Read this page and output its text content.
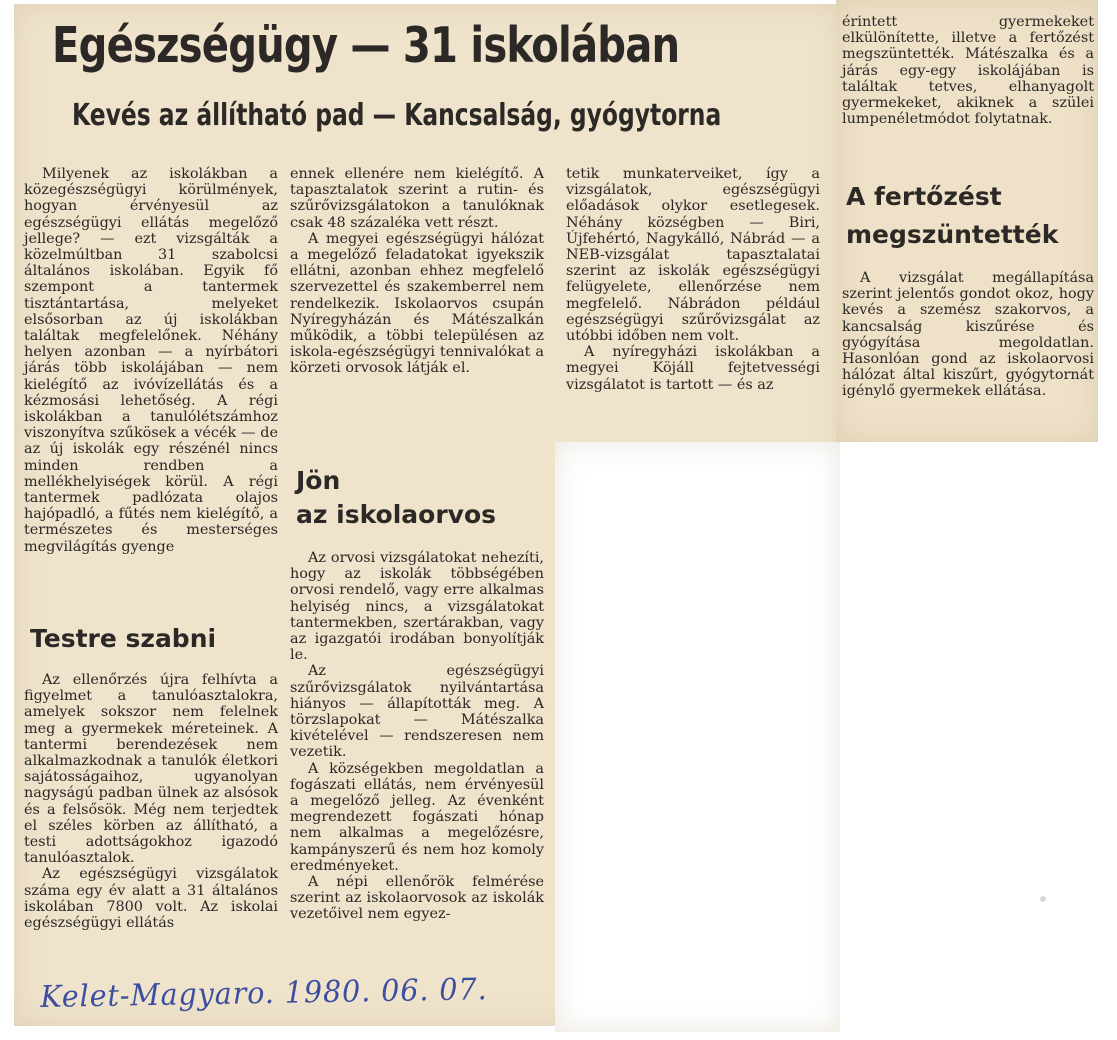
Egészségügy — 31 iskolában
Kevés az állítható pad — Kancsalság, gyógytorna

Milyenek az iskolákban a közegészségügyi körülmények, hogyan érvényesül az egészségügyi ellátás megelőző jellege? — ezt vizsgálták a közelmúltban 31 szabolcsi általános iskolában. Egyik fő szempont a tantermek tisztántartása, melyeket elsősorban az új iskolákban találtak megfelelőnek. Néhány helyen azonban — a nyírbátori járás több iskolájában — nem kielégítő az ivóvízellátás és a kézmosási lehetőség. A régi iskolákban a tanulólétszámhoz viszonyítva szűkösek a vécék — de az új iskolák egy részénél nincs minden rendben a mellékhelyiségek körül. A régi tantermek padlózata olajos hajópadló, a fűtés nem kielégítő, a természetes és mesterséges megvilágítás gyenge

Testre szabni

Az ellenőrzés újra felhívta a figyelmet a tanulóasztalokra, amelyek sokszor nem felelnek meg a gyermekek méreteinek. A tantermi berendezések nem alkalmazkodnak a tanulók életkori sajátosságaihoz, ugyanolyan nagyságú padban ülnek az alsósok és a felsősök. Még nem terjedtek el széles körben az állítható, a testi adottságokhoz igazodó tanulóasztalok.

Az egészségügyi vizsgálatok száma egy év alatt a 31 általános iskolában 7800 volt. Az iskolai egészségügyi ellátás

ennek ellenére nem kielégítő. A tapasztalatok szerint a rutin- és szűrővizsgálatokon a tanulóknak csak 48 százaléka vett részt.

A megyei egészségügyi hálózat a megelőző feladatokat igyekszik ellátni, azonban ehhez megfelelő szervezettel és szakemberrel nem rendelkezik. Iskolaorvos csupán Nyíregyházán és Mátészalkán működik, a többi településen az iskola-egészségügyi tennivalókat a körzeti orvosok látják el.

Jön
az iskolaorvos

Az orvosi vizsgálatokat nehezíti, hogy az iskolák többségében orvosi rendelő, vagy erre alkalmas helyiség nincs, a vizsgálatokat tantermekben, szertárakban, vagy az igazgatói irodában bonyolítják le.

Az egészségügyi szűrővizsgálatok nyilvántartása hiányos — állapították meg. A törzslapokat — Mátészalka kivételével — rendszeresen nem vezetik.

A községekben megoldatlan a fogászati ellátás, nem érvényesül a megelőző jelleg. Az évenként megrendezett fogászati hónap nem alkalmas a megelőzésre, kampányszerű és nem hoz komoly eredményeket.

A népi ellenőrök felmérése szerint az iskolaorvosok az iskolák vezetőivel nem egyez-

tetik munkaterveiket, így a vizsgálatok, egészségügyi előadások olykor esetlegesek. Néhány községben — Biri, Újfehértó, Nagykálló, Nábrád — a NEB-vizsgálat tapasztalatai szerint az iskolák egészségügyi felügyelete, ellenőrzése nem megfelelő. Nábrádon például egészségügyi szűrővizsgálat az utóbbi időben nem volt.

A nyíregyházi iskolákban a megyei Köjáll fejtetvességi vizsgálatot is tartott — és az

érintett gyermekeket elkülönítette, illetve a fertőzést megszüntették. Mátészalka és a járás egy-egy iskolájában is találtak tetves, elhanyagolt gyermekeket, akiknek a szülei lumpenéletmódot folytatnak.

A fertőzést
megszüntették

A vizsgálat megállapítása szerint jelentős gondot okoz, hogy kevés a szemész szakorvos, a kancsalság kiszűrése és gyógyítása megoldatlan. Hasonlóan gond az iskolaorvosi hálózat által kiszűrt, gyógytornát igénylő gyermekek ellátása.

Kelet-Magyaro. 1980. 06. 07.
